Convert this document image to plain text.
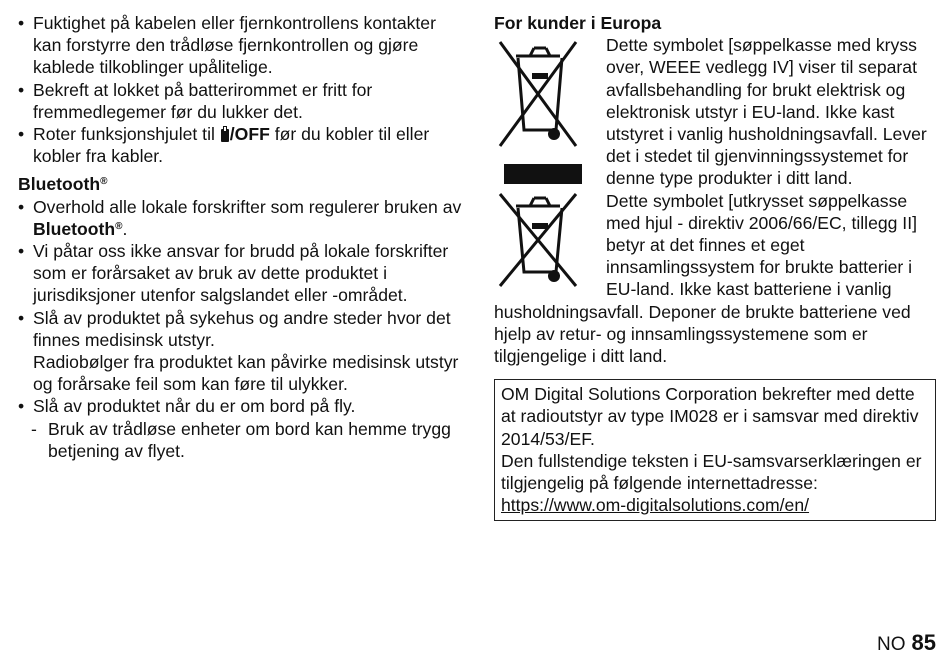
• Fuktighet på kabelen eller fjernkontrollens kontakter kan forstyrre den trådløse fjernkontrollen og gjøre kablede tilkoblinger upålitelige.
• Bekreft at lokket på batterirommet er fritt for fremmedlegemer før du lukker det.
• Roter funksjonshjulet til /OFF før du kobler til eller kobler fra kabler.
Bluetooth®
• Overhold alle lokale forskrifter som regulerer bruken av Bluetooth®.
• Vi påtar oss ikke ansvar for brudd på lokale forskrifter som er forårsaket av bruk av dette produktet i jurisdiksjoner utenfor salgslandet eller -området.
• Slå av produktet på sykehus og andre steder hvor det finnes medisinsk utstyr.
Radiobølger fra produktet kan påvirke medisinsk utstyr og forårsake feil som kan føre til ulykker.
• Slå av produktet når du er om bord på fly.
- Bruk av trådløse enheter om bord kan hemme trygg betjening av flyet.
For kunder i Europa
Dette symbolet [søppelkasse med kryss over, WEEE vedlegg IV] viser til separat avfallsbehandling for brukt elektrisk og elektronisk utstyr i EU-land. Ikke kast utstyret i vanlig husholdningsavfall. Lever det i stedet til gjenvinningssystemet for denne type produkter i ditt land.
Dette symbolet [utkrysset søppelkasse med hjul - direktiv 2006/66/EC, tillegg II] betyr at det finnes et eget innsamlingssystem for brukte batterier i EU-land. Ikke kast batteriene i vanlig husholdningsavfall. Deponer de brukte batteriene ved hjelp av retur- og innsamlingssystemene som er tilgjengelige i ditt land.
OM Digital Solutions Corporation bekrefter med dette at radioutstyr av type IM028 er i samsvar med direktiv 2014/53/EF.
Den fullstendige teksten i EU-samsvarserklæringen er tilgjengelig på følgende internettadresse:
https://www.om-digitalsolutions.com/en/
NO 85
